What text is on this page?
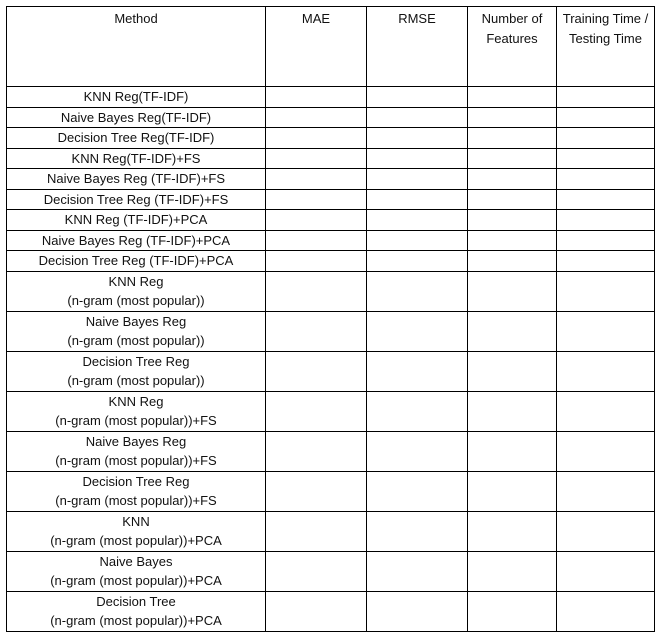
Method	MAE	RMSE	Number of Features	Training Time / Testing Time

KNN Reg(TF-IDF)				

Naive Bayes Reg(TF-IDF)				

Decision Tree Reg(TF-IDF)				

KNN Reg(TF-IDF)+FS				

Naive Bayes Reg (TF-IDF)+FS				

Decision Tree Reg (TF-IDF)+FS				

KNN Reg (TF-IDF)+PCA				

Naive Bayes Reg (TF-IDF)+PCA				

Decision Tree Reg (TF-IDF)+PCA				

KNN Reg
(n-gram (most popular))				

Naive Bayes Reg
(n-gram (most popular))				

Decision Tree Reg
(n-gram (most popular))				

KNN Reg
(n-gram (most popular))+FS				

Naive Bayes Reg
(n-gram (most popular))+FS				

Decision Tree Reg
(n-gram (most popular))+FS				

KNN
(n-gram (most popular))+PCA				

Naive Bayes
(n-gram (most popular))+PCA				

Decision Tree
(n-gram (most popular))+PCA				
